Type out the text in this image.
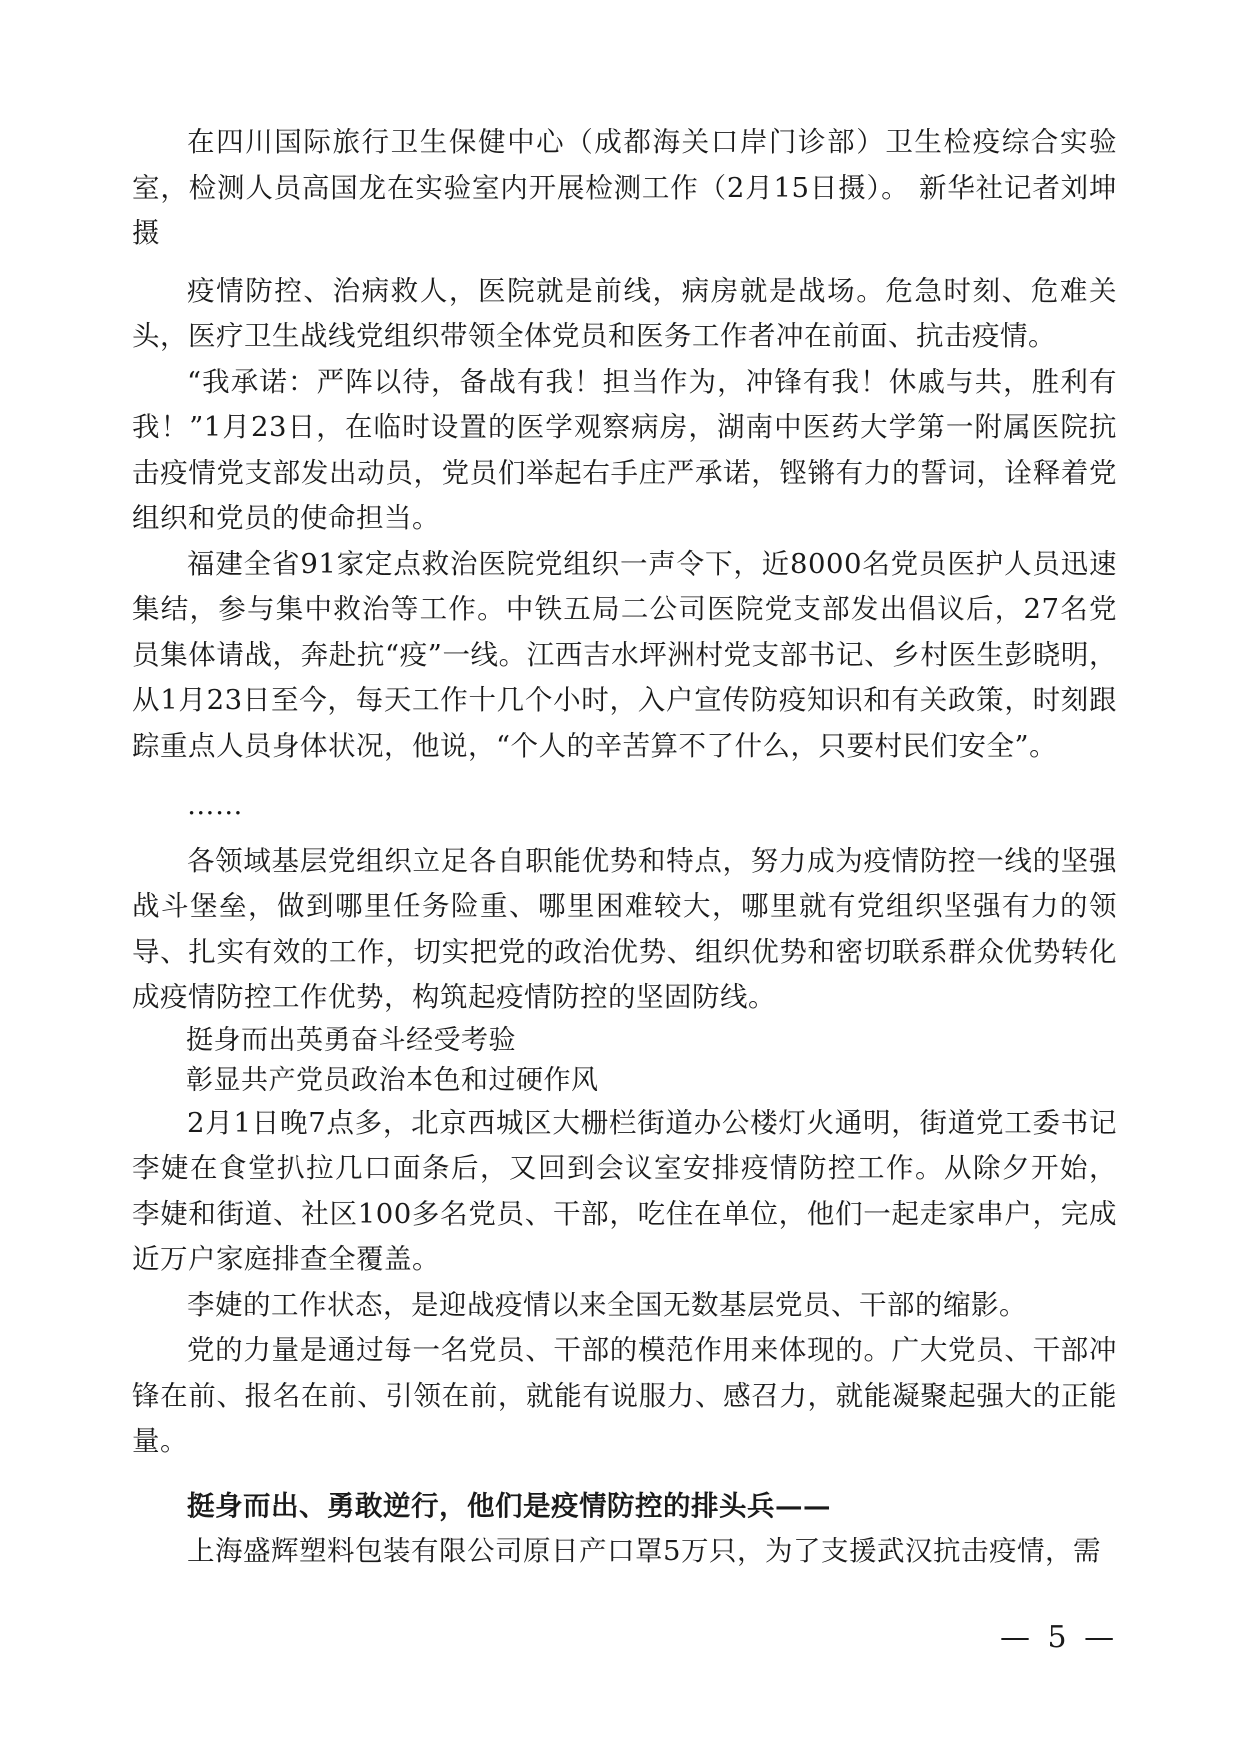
在四川国际旅行卫生保健中心（成都海关口岸门诊部）卫生检疫综合实验室，检测人员高国龙在实验室内开展检测工作（2月15日摄）。 新华社记者刘坤摄

疫情防控、治病救人，医院就是前线，病房就是战场。危急时刻、危难关头，医疗卫生战线党组织带领全体党员和医务工作者冲在前面、抗击疫情。

“我承诺：严阵以待，备战有我！担当作为，冲锋有我！休戚与共，胜利有我！”1月23日，在临时设置的医学观察病房，湖南中医药大学第一附属医院抗击疫情党支部发出动员，党员们举起右手庄严承诺，铿锵有力的誓词，诠释着党组织和党员的使命担当。

福建全省91家定点救治医院党组织一声令下，近8000名党员医护人员迅速集结，参与集中救治等工作。中铁五局二公司医院党支部发出倡议后，27名党员集体请战，奔赴抗“疫”一线。江西吉水坪洲村党支部书记、乡村医生彭晓明，从1月23日至今，每天工作十几个小时，入户宣传防疫知识和有关政策，时刻跟踪重点人员身体状况，他说，“个人的辛苦算不了什么，只要村民们安全”。

……

各领域基层党组织立足各自职能优势和特点，努力成为疫情防控一线的坚强战斗堡垒，做到哪里任务险重、哪里困难较大，哪里就有党组织坚强有力的领导、扎实有效的工作，切实把党的政治优势、组织优势和密切联系群众优势转化成疫情防控工作优势，构筑起疫情防控的坚固防线。

挺身而出英勇奋斗经受考验

彰显共产党员政治本色和过硬作风

2月1日晚7点多，北京西城区大栅栏街道办公楼灯火通明，街道党工委书记李婕在食堂扒拉几口面条后，又回到会议室安排疫情防控工作。从除夕开始， 李婕和街道、社区100多名党员、干部，吃住在单位，他们一起走家串户，完成近万户家庭排查全覆盖。

李婕的工作状态，是迎战疫情以来全国无数基层党员、干部的缩影。

党的力量是通过每一名党员、干部的模范作用来体现的。广大党员、干部冲锋在前、报名在前、引领在前，就能有说服力、感召力，就能凝聚起强大的正能量。

挺身而出、勇敢逆行，他们是疫情防控的排头兵——

上海盛辉塑料包装有限公司原日产口罩5万只，为了支援武汉抗击疫情，需

— 5 —
